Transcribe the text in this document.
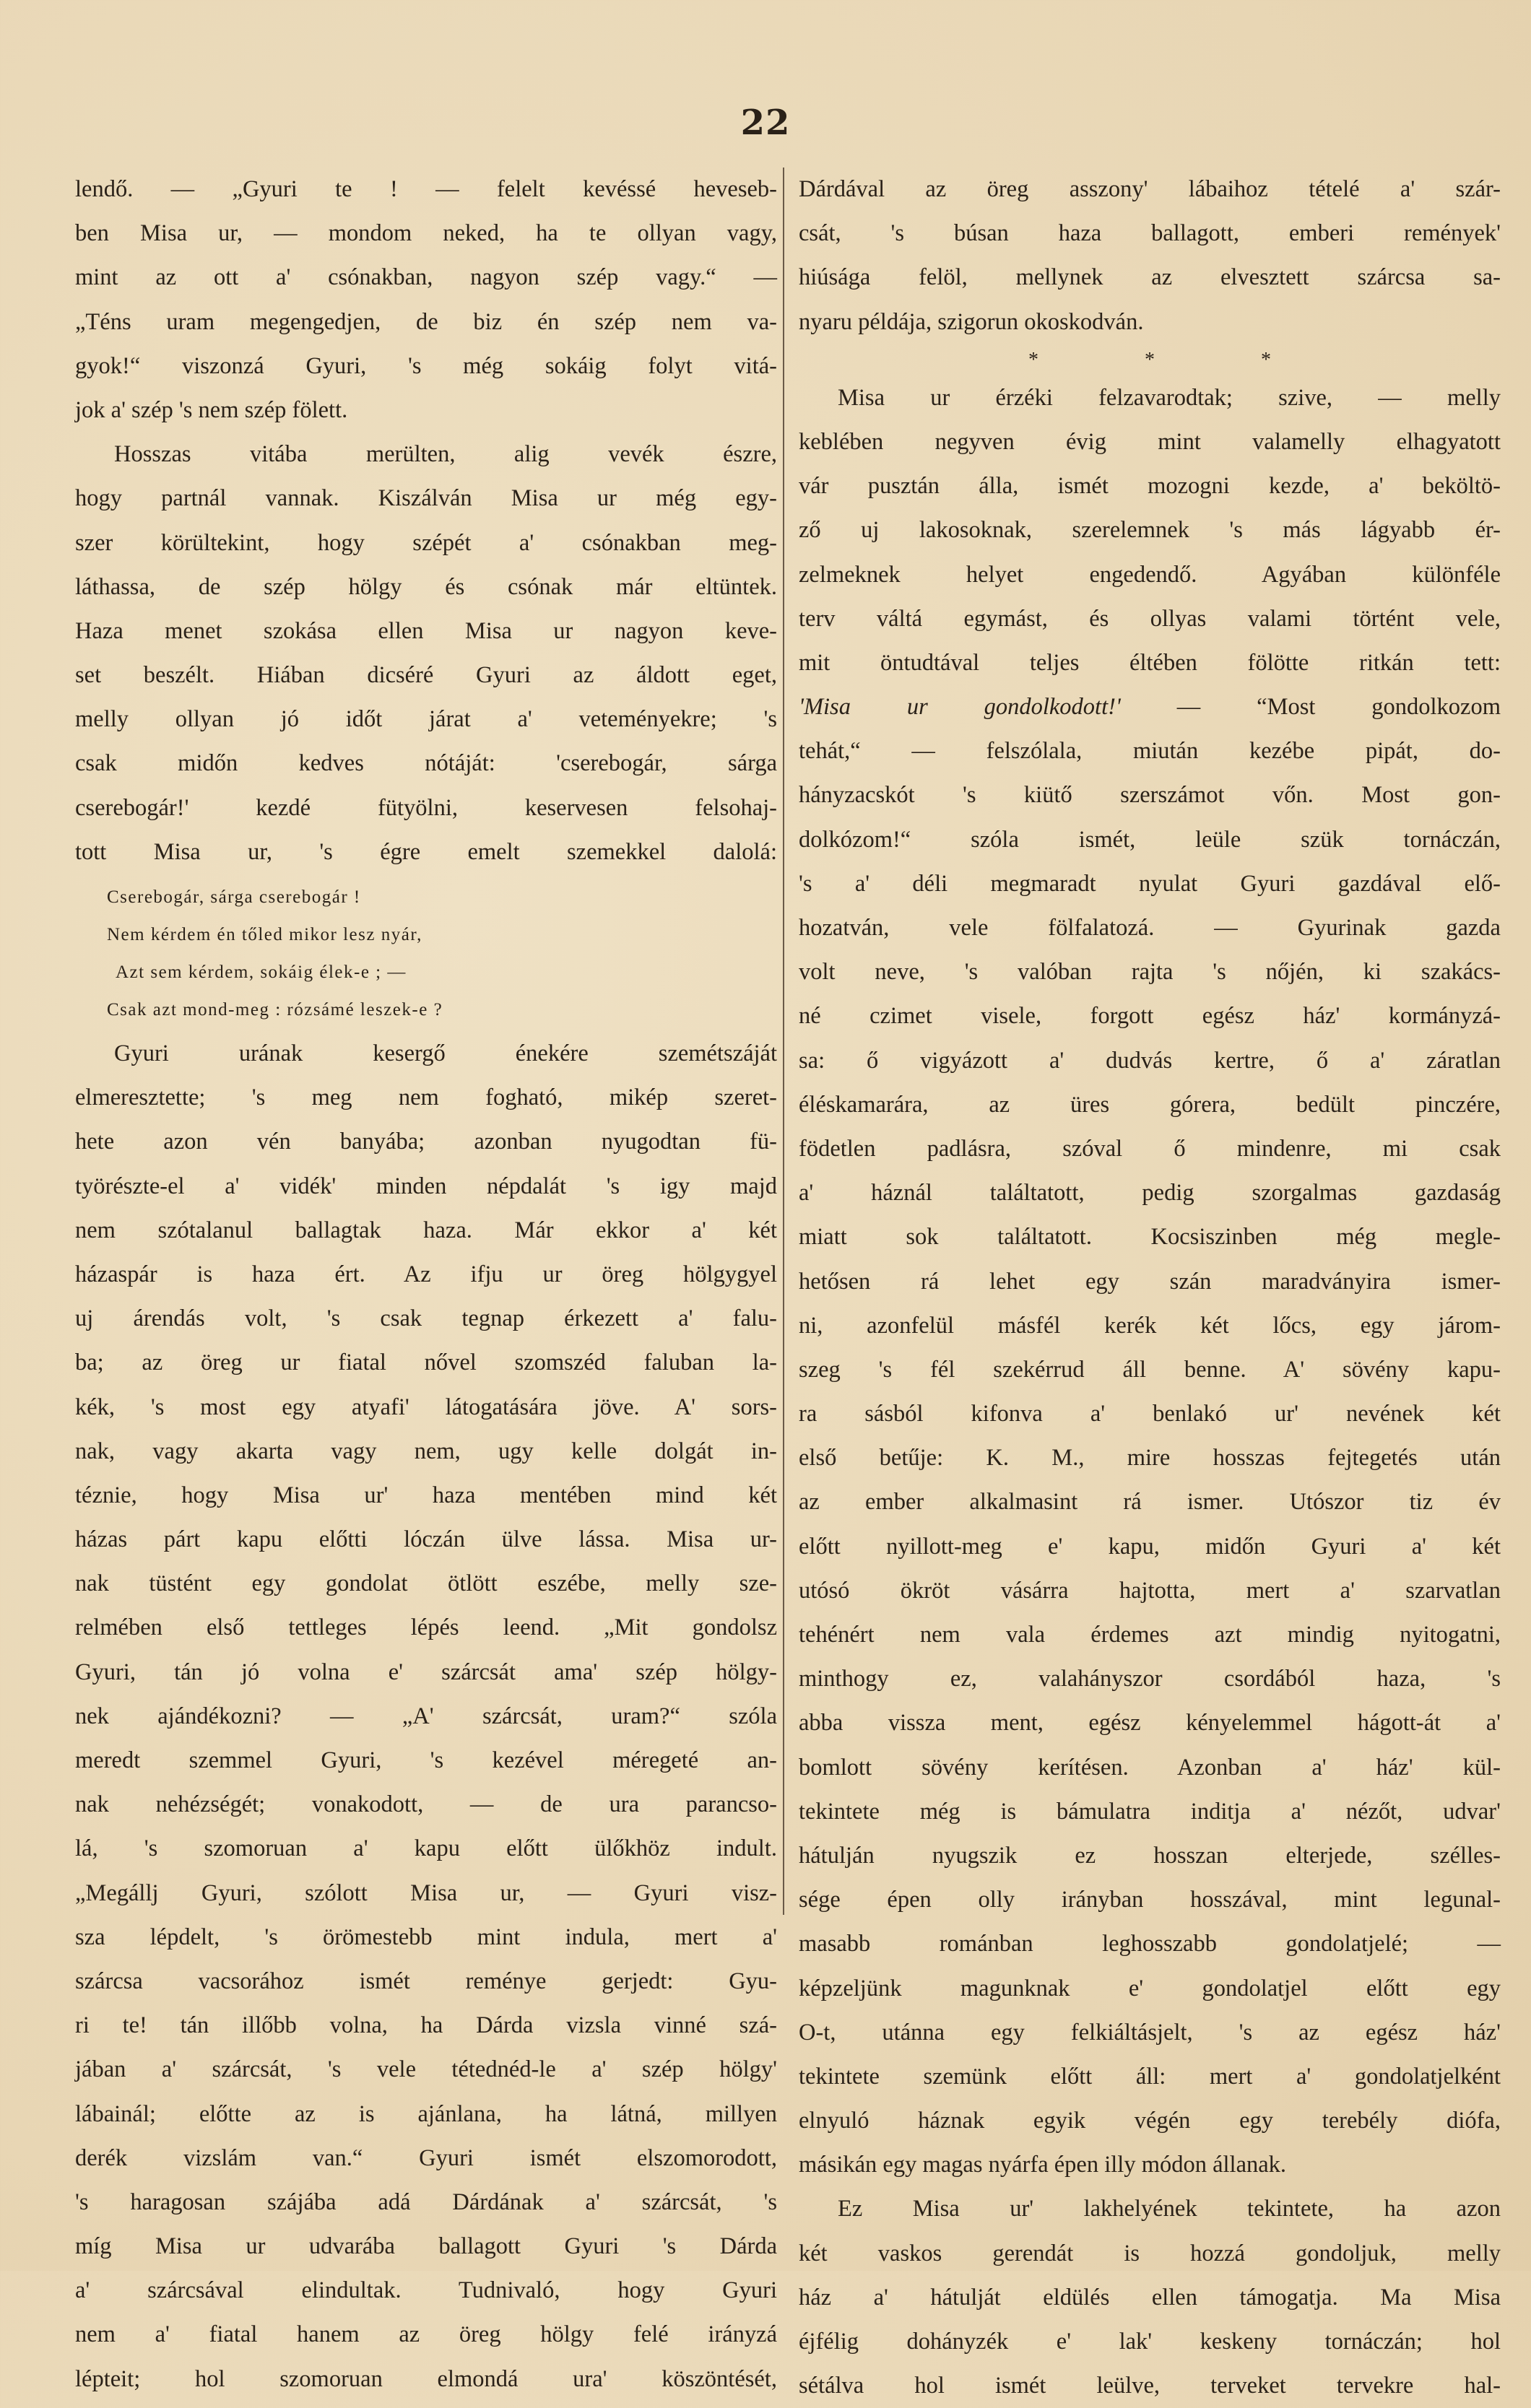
22
lendő. — „Gyuri te ! — felelt kevéssé heveseb-
ben Misa ur, — mondom neked, ha te ollyan vagy,
mint az ott a' csónakban, nagyon szép vagy.“ —
„Téns uram megengedjen, de biz én szép nem va-
gyok!“ viszonzá Gyuri, 's még sokáig folyt vitá-
jok a' szép 's nem szép fölett.
Hosszas vitába merülten, alig vevék észre,
hogy partnál vannak. Kiszálván Misa ur még egy-
szer körültekint, hogy szépét a' csónakban meg-
láthassa, de szép hölgy és csónak már eltüntek.
Haza menet szokása ellen Misa ur nagyon keve-
set beszélt. Hiában dicséré Gyuri az áldott eget,
melly ollyan jó időt járat a' veteményekre; 's
csak midőn kedves nótáját: 'cserebogár, sárga
cserebogár!' kezdé fütyölni, keservesen felsohaj-
tott Misa ur, 's égre emelt szemekkel dalolá:
Cserebogár, sárga cserebogár !
Nem kérdem én tőled mikor lesz nyár,
Azt sem kérdem, sokáig élek-e ; —
Csak azt mond-meg : rózsámé leszek-e ?
Gyuri urának kesergő énekére szemétszáját
elmeresztette; 's meg nem fogható, mikép szeret-
hete azon vén banyába; azonban nyugodtan fü-
työrészte-el a' vidék' minden népdalát 's igy majd
nem szótalanul ballagtak haza. Már ekkor a' két
házaspár is haza ért. Az ifju ur öreg hölgygyel
uj árendás volt, 's csak tegnap érkezett a' falu-
ba; az öreg ur fiatal nővel szomszéd faluban la-
kék, 's most egy atyafi' látogatására jöve. A' sors-
nak, vagy akarta vagy nem, ugy kelle dolgát in-
téznie, hogy Misa ur' haza mentében mind két
házas párt kapu előtti lóczán ülve lássa. Misa ur-
nak tüstént egy gondolat ötlött eszébe, melly sze-
relmében első tettleges lépés leend. „Mit gondolsz
Gyuri, tán jó volna e' szárcsát ama' szép hölgy-
nek ajándékozni? — „A' szárcsát, uram?“ szóla
meredt szemmel Gyuri, 's kezével méregeté an-
nak nehézségét; vonakodott, — de ura parancso-
lá, 's szomoruan a' kapu előtt ülőkhöz indult.
„Megállj Gyuri, szólott Misa ur, — Gyuri visz-
sza lépdelt, 's örömestebb mint indula, mert a'
szárcsa vacsorához ismét reménye gerjedt: Gyu-
ri te! tán illőbb volna, ha Dárda vizsla vinné szá-
jában a' szárcsát, 's vele tétednéd-le a' szép hölgy'
lábainál; előtte az is ajánlana, ha látná, millyen
derék vizslám van.“ Gyuri ismét elszomorodott,
's haragosan szájába adá Dárdának a' szárcsát, 's
míg Misa ur udvarába ballagott Gyuri 's Dárda
a' szárcsával elindultak. Tudnivaló, hogy Gyuri
nem a' fiatal hanem az öreg hölgy felé irányzá
lépteit; hol szomoruan elmondá ura' köszöntését,
Dárdával az öreg asszony' lábaihoz tételé a' szár-
csát, 's búsan haza ballagott, emberi remények'
hiúsága felöl, mellynek az elvesztett szárcsa sa-
nyaru példája, szigorun okoskodván.
* * *
Misa ur érzéki felzavarodtak; szive, — melly
keblében negyven évig mint valamelly elhagyatott
vár pusztán álla, ismét mozogni kezde, a' beköltö-
ző uj lakosoknak, szerelemnek 's más lágyabb ér-
zelmeknek helyet engedendő. Agyában különféle
terv váltá egymást, és ollyas valami történt vele,
mit öntudtával teljes éltében fölötte ritkán tett:
'Misa ur gondolkodott!' — “Most gondolkozom
tehát,“ — felszólala, miután kezébe pipát, do-
hányzacskót 's kiütő szerszámot vőn. Most gon-
dolkózom!“ szóla ismét, leüle szük tornáczán,
's a' déli megmaradt nyulat Gyuri gazdával elő-
hozatván, vele fölfalatozá. — Gyurinak gazda
volt neve, 's valóban rajta 's nőjén, ki szakács-
né czimet visele, forgott egész ház' kormányzá-
sa: ő vigyázott a' dudvás kertre, ő a' záratlan
éléskamarára, az üres górera, bedült pinczére,
födetlen padlásra, szóval ő mindenre, mi csak
a' háznál találtatott, pedig szorgalmas gazdaság
miatt sok találtatott. Kocsiszinben még megle-
hetősen rá lehet egy szán maradványira ismer-
ni, azonfelül másfél kerék két lőcs, egy járom-
szeg 's fél szekérrud áll benne. A' sövény kapu-
ra sásból kifonva a' benlakó ur' nevének két
első betűje: K. M., mire hosszas fejtegetés után
az ember alkalmasint rá ismer. Utószor tiz év
előtt nyillott-meg e' kapu, midőn Gyuri a' két
utósó ökröt vásárra hajtotta, mert a' szarvatlan
tehénért nem vala érdemes azt mindig nyitogatni,
minthogy ez, valahányszor csordából haza, 's
abba vissza ment, egész kényelemmel hágott-át a'
bomlott sövény kerítésen. Azonban a' ház' kül-
tekintete még is bámulatra inditja a' nézőt, udvar'
hátulján nyugszik ez hosszan elterjede, szélles-
sége épen olly irányban hosszával, mint legunal-
masabb románban leghosszabb gondolatjelé; —
képzeljünk magunknak e' gondolatjel előtt egy
O-t, utánna egy felkiáltásjelt, 's az egész ház'
tekintete szemünk előtt áll: mert a' gondolatjelként
elnyuló háznak egyik végén egy terebély diófa,
másikán egy magas nyárfa épen illy módon állanak.
Ez Misa ur' lakhelyének tekintete, ha azon
két vaskos gerendát is hozzá gondoljuk, melly
ház a' hátulját eldülés ellen támogatja. Ma Misa
éjfélig dohányzék e' lak' keskeny tornáczán; hol
sétálva hol ismét leülve, terveket tervekre hal-
